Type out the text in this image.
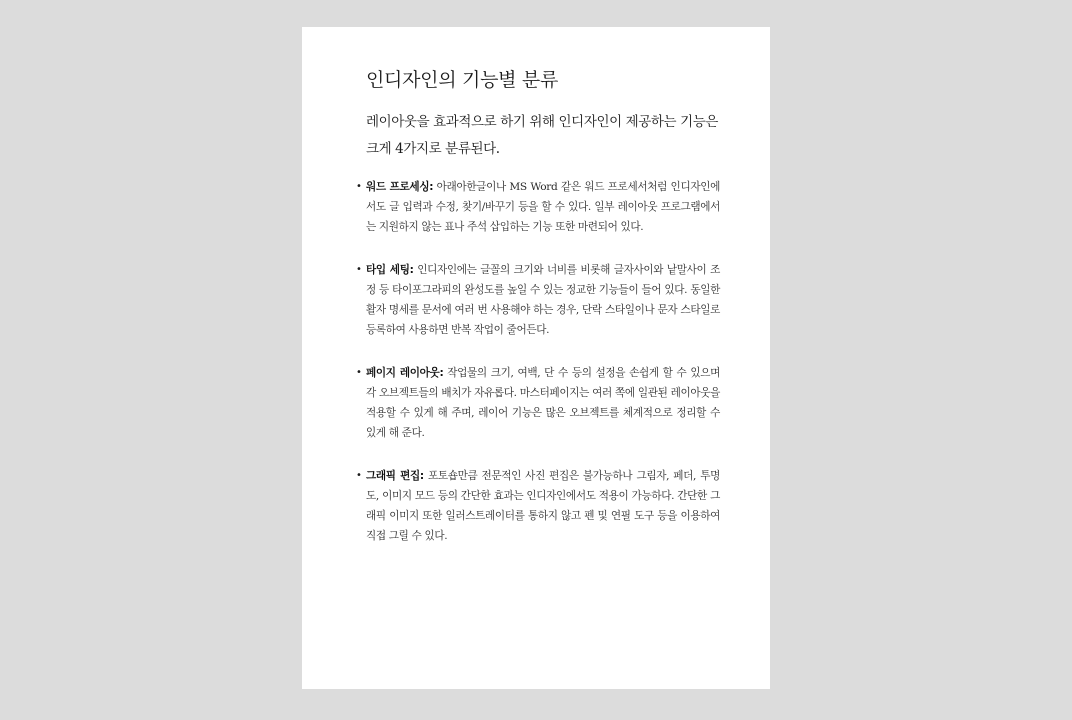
인디자인의 기능별 분류

레이아웃을 효과적으로 하기 위해 인디자인이 제공하는 기능은 크게 4가지로 분류된다.

• 워드 프로세싱: 아래아한글이나 MS Word 같은 워드 프로세서처럼 인디자인에서도 글 입력과 수정, 찾기/바꾸기 등을 할 수 있다. 일부 레이아웃 프로그램에서는 지원하지 않는 표나 주석 삽입하는 기능 또한 마련되어 있다.
• 타입 세팅: 인디자인에는 글꼴의 크기와 너비를 비롯해 글자사이와 낱말사이 조정 등 타이포그라피의 완성도를 높일 수 있는 정교한 기능들이 들어 있다. 동일한 활자 명세를 문서에 여러 번 사용해야 하는 경우, 단락 스타일이나 문자 스타일로 등록하여 사용하면 반복 작업이 줄어든다.
• 페이지 레이아웃: 작업물의 크기, 여백, 단 수 등의 설정을 손쉽게 할 수 있으며 각 오브젝트들의 배치가 자유롭다. 마스터페이지는 여러 쪽에 일관된 레이아웃을 적용할 수 있게 해 주며, 레이어 기능은 많은 오브젝트를 체계적으로 정리할 수 있게 해 준다.
• 그래픽 편집: 포토숍만큼 전문적인 사진 편집은 불가능하나 그림자, 페더, 투명도, 이미지 모드 등의 간단한 효과는 인디자인에서도 적용이 가능하다. 간단한 그래픽 이미지 또한 일러스트레이터를 통하지 않고 펜 및 연필 도구 등을 이용하여 직접 그릴 수 있다.
